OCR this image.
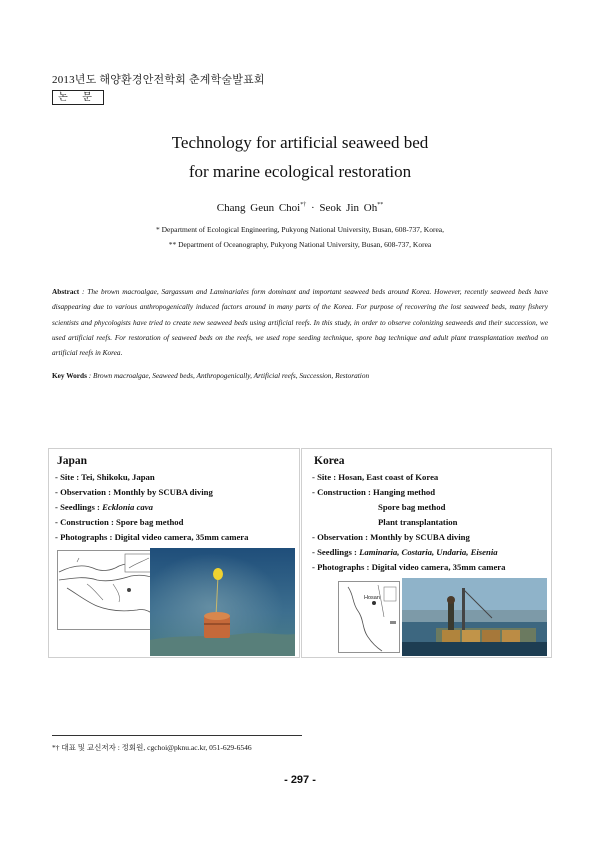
2013년도 해양환경안전학회 춘계학술발표회
논 문
Technology for artificial seaweed bed
for marine ecological restoration
Chang Geun Choi*† · Seok Jin Oh**
* Department of Ecological Engineering, Pukyong National University, Busan, 608-737, Korea,
** Department of Oceanography, Pukyong National University, Busan, 608-737, Korea
Abstract : The brown macroalgae, Sargassum and Laminariales form dominant and important seaweed beds around Korea. However, recently seaweed beds have disappearing due to various anthropogenically induced factors around in many parts of the Korea. For purpose of recovering the lost seaweed beds, many fishery scientists and phycologists have tried to create new seaweed beds using artificial reefs. In this study, in order to observe colonizing seaweeds and their succession, we used artificial reefs. For restoration of seaweed beds on the reefs, we used rope seeding technique, spore bag technique and adult plant transplantation method on artificial reefs in Korea.
Key Words : Brown macroalgae, Seaweed beds, Anthropogenically, Artificial reefs, Succession, Restoration
Japan
- Site : Tei, Shikoku, Japan
- Observation : Monthly by SCUBA diving
- Seedlings : Ecklonia cava
- Construction : Spore bag method
- Photographs : Digital video camera, 35mm camera
Korea
- Site : Hosan, East coast of Korea
- Construction : Hanging method
Spore bag method
Plant transplantation
- Observation : Monthly by SCUBA diving
- Seedlings : Laminaria, Costaria, Undaria, Eisenia
- Photographs : Digital video camera, 35mm camera
Hosan
*† 대표 및 교신저자 : 정회원, cgchoi@pknu.ac.kr, 051-629-6546
- 297 -
